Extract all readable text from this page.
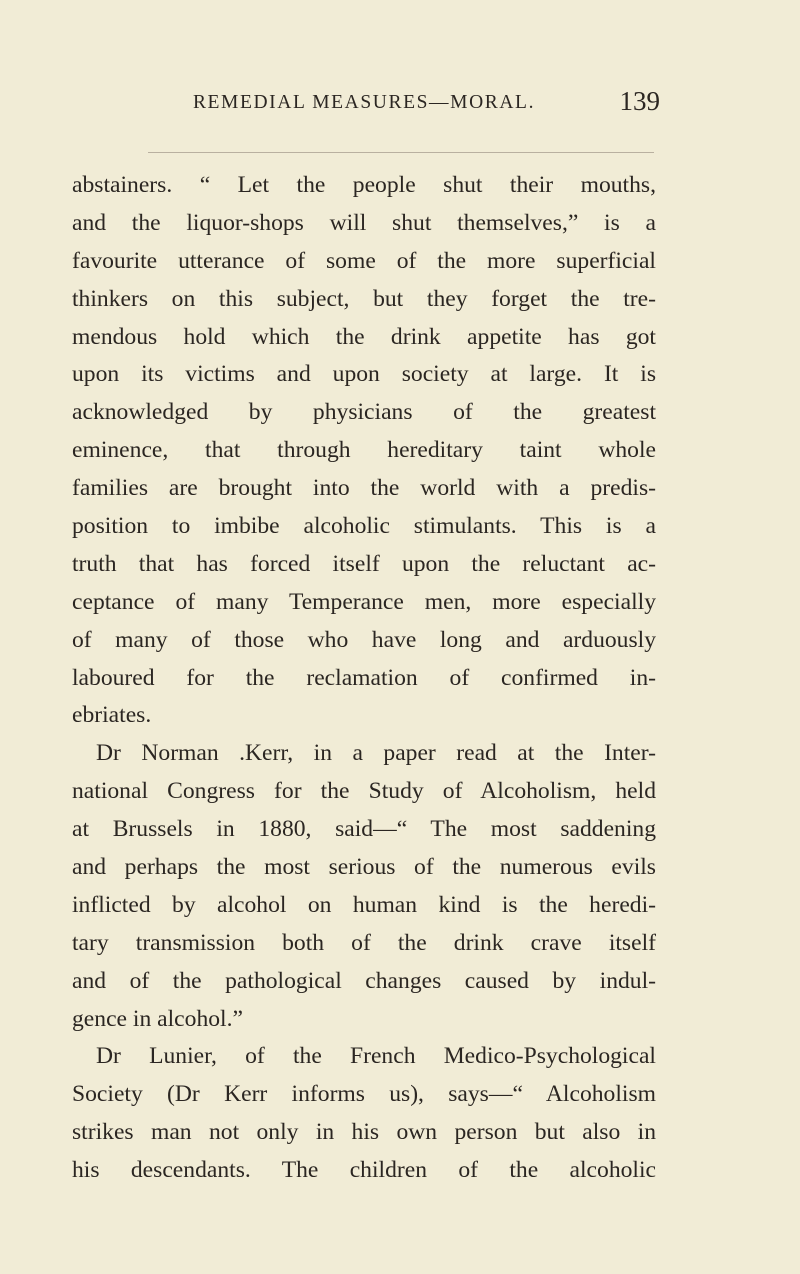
REMEDIAL MEASURES—MORAL.	139
abstainers. “ Let the people shut their mouths,
and the liquor-shops will shut themselves,” is a
favourite utterance of some of the more superficial
thinkers on this subject, but they forget the tre-
mendous hold which the drink appetite has got
upon its victims and upon society at large. It is
acknowledged by physicians of the greatest
eminence, that through hereditary taint whole
families are brought into the world with a predis-
position to imbibe alcoholic stimulants. This is a
truth that has forced itself upon the reluctant ac-
ceptance of many Temperance men, more especially
of many of those who have long and arduously
laboured for the reclamation of confirmed in-
ebriates.
Dr Norman .Kerr, in a paper read at the Inter-
national Congress for the Study of Alcoholism, held
at Brussels in 1880, said—“ The most saddening
and perhaps the most serious of the numerous evils
inflicted by alcohol on human kind is the heredi-
tary transmission both of the drink crave itself
and of the pathological changes caused by indul-
gence in alcohol.”
Dr Lunier, of the French Medico-Psychological
Society (Dr Kerr informs us), says—“ Alcoholism
strikes man not only in his own person but also in
his descendants. The children of the alcoholic
